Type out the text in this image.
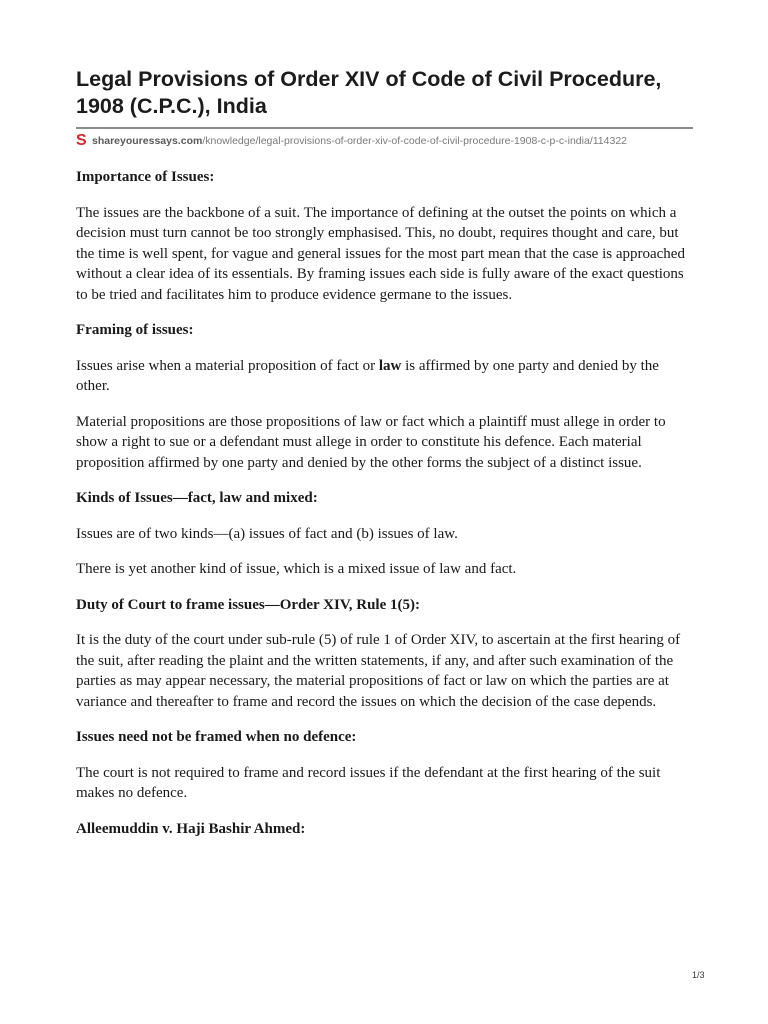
Legal Provisions of Order XIV of Code of Civil Procedure, 1908 (C.P.C.), India
S shareyouressays.com/knowledge/legal-provisions-of-order-xiv-of-code-of-civil-procedure-1908-c-p-c-india/114322
Importance of Issues:

The issues are the backbone of a suit. The importance of defining at the outset the points on which a decision must turn cannot be too strongly emphasised. This, no doubt, requires thought and care, but the time is well spent, for vague and general issues for the most part mean that the case is approached without a clear idea of its essentials. By framing issues each side is fully aware of the exact questions to be tried and facilitates him to produce evidence germane to the issues.

Framing of issues:

Issues arise when a material proposition of fact or law is affirmed by one party and denied by the other.

Material propositions are those propositions of law or fact which a plaintiff must allege in order to show a right to sue or a defendant must allege in order to constitute his defence. Each material proposition affirmed by one party and denied by the other forms the subject of a distinct issue.

Kinds of Issues—fact, law and mixed:

Issues are of two kinds—(a) issues of fact and (b) issues of law.

There is yet another kind of issue, which is a mixed issue of law and fact.

Duty of Court to frame issues—Order XIV, Rule 1(5):

It is the duty of the court under sub-rule (5) of rule 1 of Order XIV, to ascertain at the first hearing of the suit, after reading the plaint and the written statements, if any, and after such examination of the parties as may appear necessary, the material propositions of fact or law on which the parties are at variance and thereafter to frame and record the issues on which the decision of the case depends.

Issues need not be framed when no defence:

The court is not required to frame and record issues if the defendant at the first hearing of the suit makes no defence.

Alleemuddin v. Haji Bashir Ahmed:
1/3
